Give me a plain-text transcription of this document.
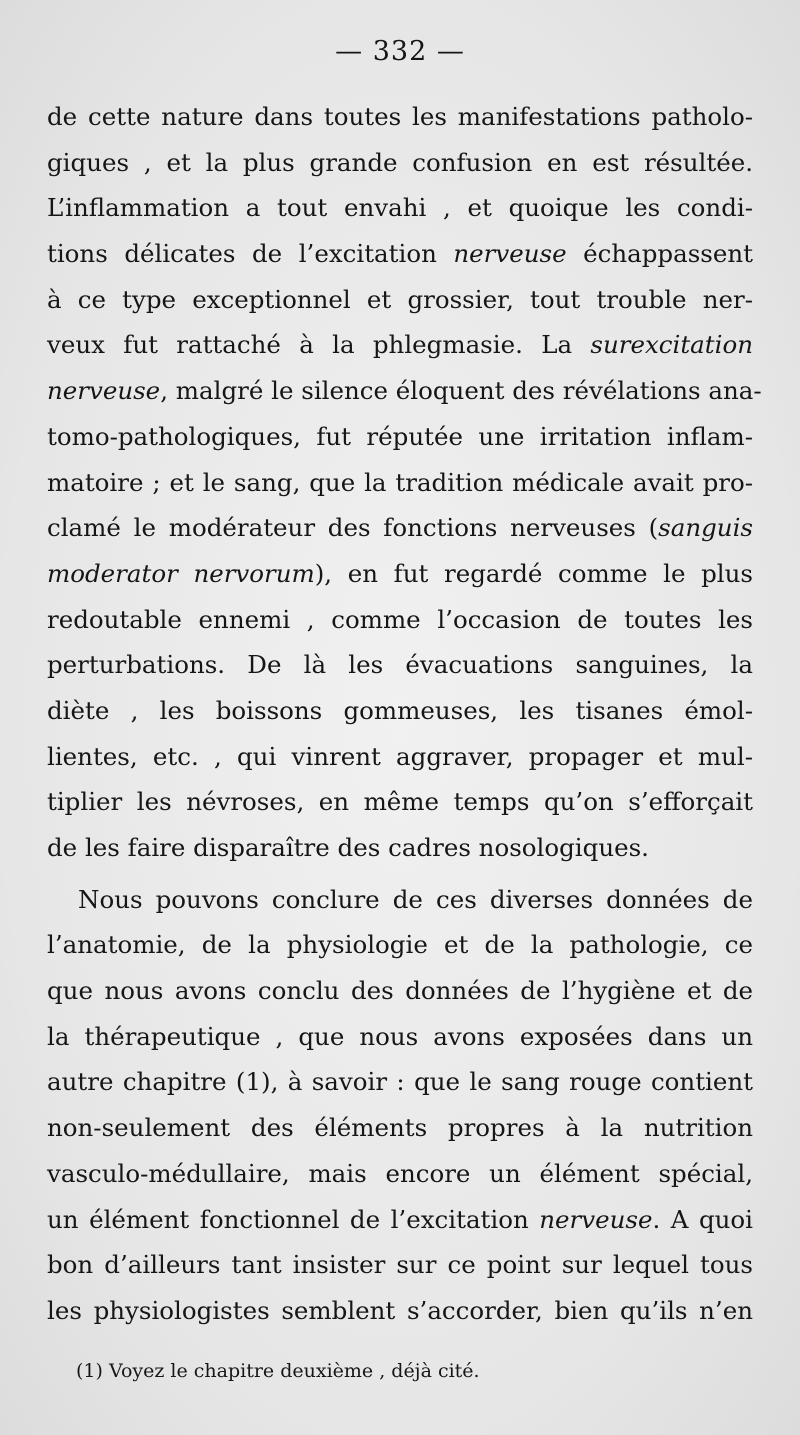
— 332 —
de cette nature dans toutes les manifestations patholo-
giques , et la plus grande confusion en est résultée.
L’inflammation a tout envahi , et quoique les condi-
tions délicates de l’excitation nerveuse échappassent
à ce type exceptionnel et grossier, tout trouble ner-
veux fut rattaché à la phlegmasie. La surexcitation
nerveuse, malgré le silence éloquent des révélations ana-
tomo-pathologiques, fut réputée une irritation inflam-
matoire ; et le sang, que la tradition médicale avait pro-
clamé le modérateur des fonctions nerveuses (sanguis
moderator nervorum), en fut regardé comme le plus
redoutable ennemi , comme l’occasion de toutes les
perturbations. De là les évacuations sanguines, la
diète , les boissons gommeuses, les tisanes émol-
lientes, etc. , qui vinrent aggraver, propager et mul-
tiplier les névroses, en même temps qu’on s’efforçait
de les faire disparaître des cadres nosologiques.
Nous pouvons conclure de ces diverses données de
l’anatomie, de la physiologie et de la pathologie, ce
que nous avons conclu des données de l’hygiène et de
la thérapeutique , que nous avons exposées dans un
autre chapitre (1), à savoir : que le sang rouge contient
non-seulement des éléments propres à la nutrition
vasculo-médullaire, mais encore un élément spécial,
un élément fonctionnel de l’excitation nerveuse. A quoi
bon d’ailleurs tant insister sur ce point sur lequel tous
les physiologistes semblent s’accorder, bien qu’ils n’en
(1) Voyez le chapitre deuxième , déjà cité.
